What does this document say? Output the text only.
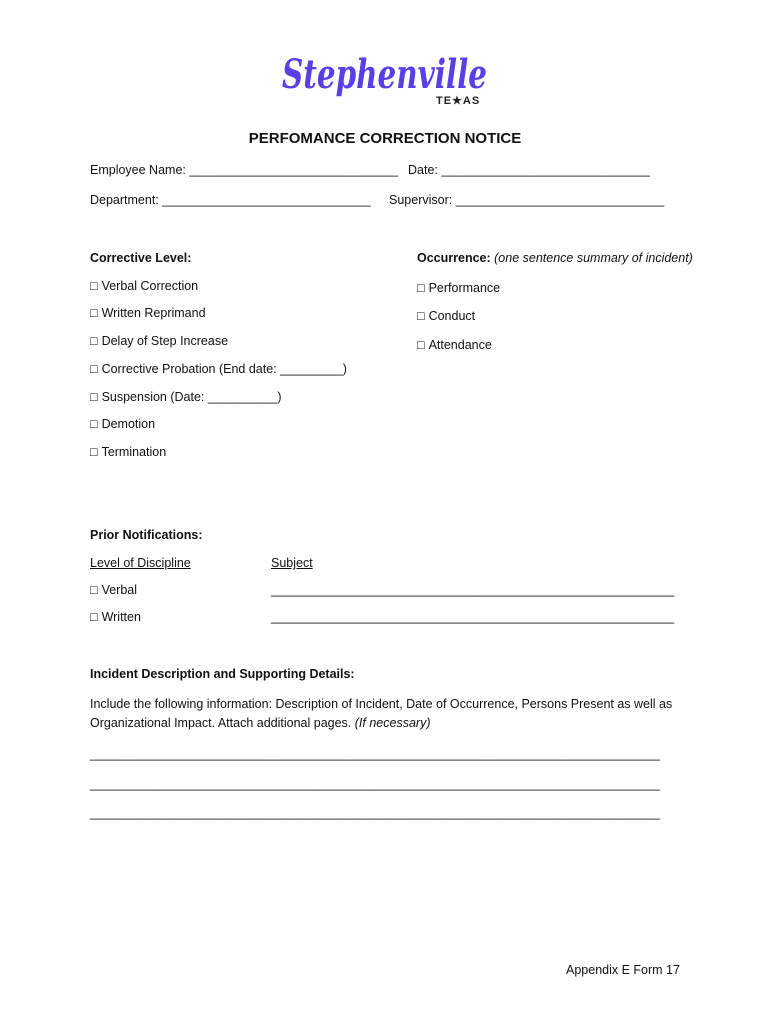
Stephenville
TE★AS
PERFOMANCE CORRECTION NOTICE
Employee Name: ______________________________ Date: ______________________________
Department: ______________________________ Supervisor: ______________________________
Corrective Level:
□ Verbal Correction
□ Written Reprimand
□ Delay of Step Increase
□ Corrective Probation (End date: _________)
□ Suspension (Date: __________)
□ Demotion
□ Termination
Occurrence: (one sentence summary of incident)
□ Performance
□ Conduct
□ Attendance
Prior Notifications:
Level of Discipline	Subject
□ Verbal	__________________________________________________________
□ Written	__________________________________________________________
Incident Description and Supporting Details:
Include the following information: Description of Incident, Date of Occurrence, Persons Present as well as
Organizational Impact. Attach additional pages. (If necessary)
__________________________________________________________________________________
__________________________________________________________________________________
__________________________________________________________________________________
Appendix E Form 17
